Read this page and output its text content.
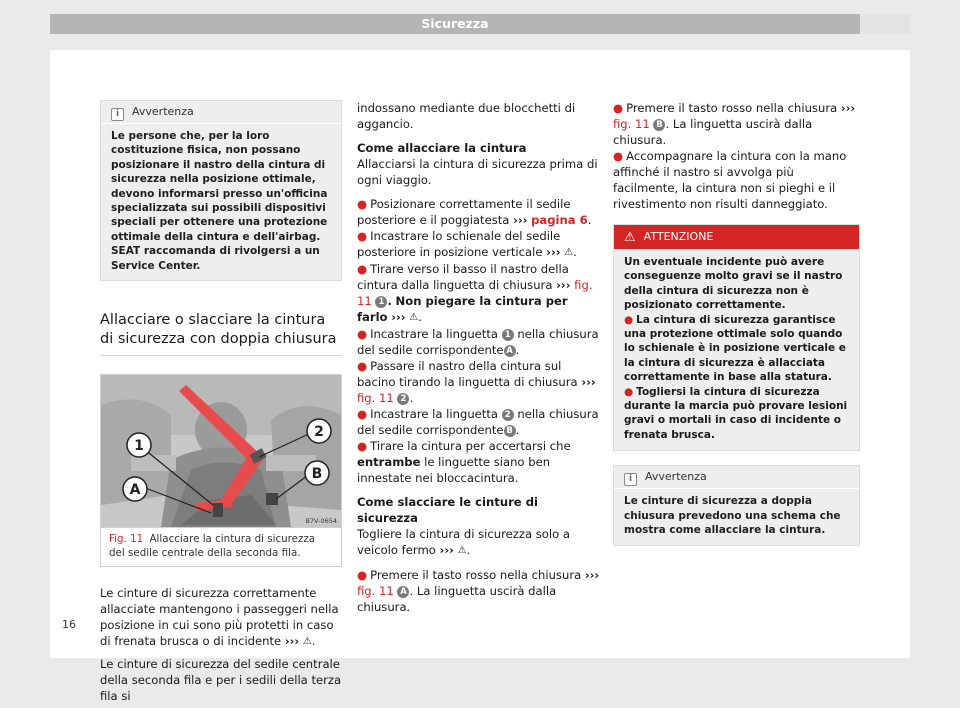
Sicurezza
i Avvertenza
Le persone che, per la loro costituzione fisica, non possano posizionare il nastro della cintura di sicurezza nella posizione ottimale, devono informarsi presso un'officina specializzata sui possibili dispositivi speciali per ottenere una protezione ottimale della cintura e dell'airbag. SEAT raccomanda di rivolgersi a un Service Center.
Allacciare o slacciare la cintura di sicurezza con doppia chiusura
1
A
2
B
B7V-0654
Fig. 11 Allacciare la cintura di sicurezza del sedile centrale della seconda fila.

Le cinture di sicurezza correttamente allacciate mantengono i passeggeri nella posizione in cui sono più protetti in caso di frenata brusca o di incidente ››› ⚠.

Le cinture di sicurezza del sedile centrale della seconda fila e per i sedili della terza fila si

indossano mediante due blocchetti di aggancio.

Come allacciare la cintura

Allacciarsi la cintura di sicurezza prima di ogni viaggio.

● Posizionare correttamente il sedile posteriore e il poggiatesta ››› pagina 6.

● Incastrare lo schienale del sedile posteriore in posizione verticale ››› ⚠.

● Tirare verso il basso il nastro della cintura dalla linguetta di chiusura ››› fig. 11 1 . Non piegare la cintura per farlo ››› ⚠.

● Incastrare la linguetta 1 nella chiusura del sedile corrispondente A .

● Passare il nastro della cintura sul bacino tirando la linguetta di chiusura ››› fig. 11 2 .

● Incastrare la linguetta 2 nella chiusura del sedile corrispondente B .

● Tirare la cintura per accertarsi che entrambe le linguette siano ben innestate nei bloccacintura.

Come slacciare le cinture di sicurezza

Togliere la cintura di sicurezza solo a veicolo fermo ››› ⚠.

● Premere il tasto rosso nella chiusura ››› fig. 11 A . La linguetta uscirà dalla chiusura.

● Premere il tasto rosso nella chiusura ››› fig. 11 B . La linguetta uscirà dalla chiusura.

● Accompagnare la cintura con la mano affinché il nastro si avvolga più facilmente, la cintura non si pieghi e il rivestimento non risulti danneggiato.

⚠ ATTENZIONE

Un eventuale incidente può avere conseguenze molto gravi se il nastro della cintura di sicurezza non è posizionato correttamente.

● La cintura di sicurezza garantisce una protezione ottimale solo quando lo schienale è in posizione verticale e la cintura di sicurezza è allacciata correttamente in base alla statura.

● Togliersi la cintura di sicurezza durante la marcia può provare lesioni gravi o mortali in caso di incidente o frenata brusca.

i Avvertenza
Le cinture di sicurezza a doppia chiusura prevedono una schema che mostra come allacciare la cintura.
16
